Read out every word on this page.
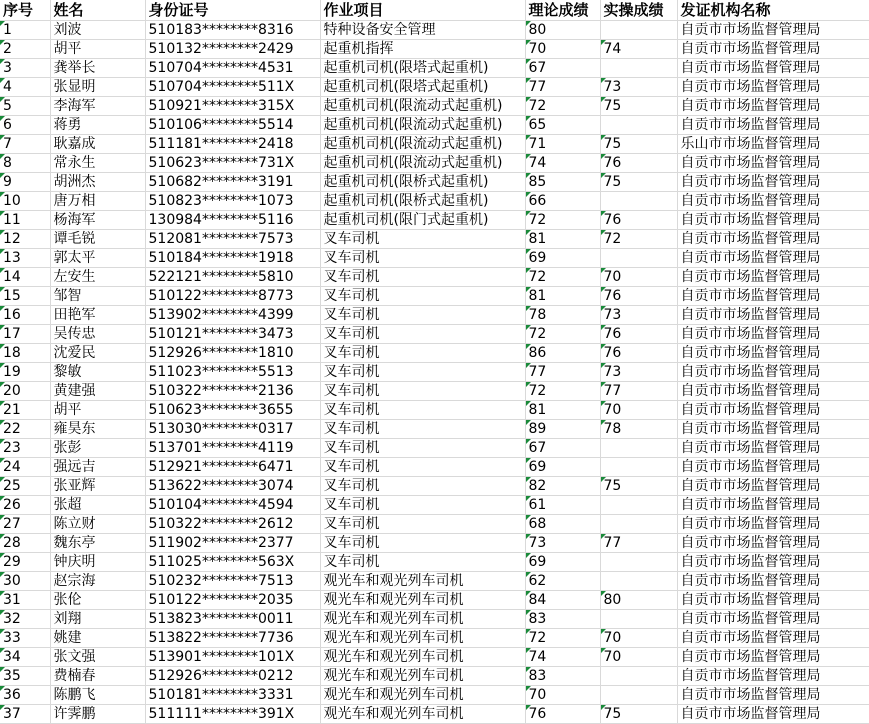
序号	姓名	身份证号	作业项目	理论成绩	实操成绩	发证机构名称
1	刘波	510183********8316	特种设备安全管理	80		自贡市市场监督管理局
2	胡平	510132********2429	起重机指挥	70	74	自贡市市场监督管理局
3	龚举长	510704********4531	起重机司机(限塔式起重机)	67		自贡市市场监督管理局
4	张显明	510704********511X	起重机司机(限塔式起重机)	77	73	自贡市市场监督管理局
5	李海军	510921********315X	起重机司机(限流动式起重机)	72	75	自贡市市场监督管理局
6	蒋勇	510106********5514	起重机司机(限流动式起重机)	65		自贡市市场监督管理局
7	耿嘉成	511181********2418	起重机司机(限流动式起重机)	71	75	乐山市市场监督管理局
8	常永生	510623********731X	起重机司机(限流动式起重机)	74	76	自贡市市场监督管理局
9	胡洲杰	510682********3191	起重机司机(限桥式起重机)	85	75	自贡市市场监督管理局
10	唐万相	510823********1073	起重机司机(限桥式起重机)	66		自贡市市场监督管理局
11	杨海军	130984********5116	起重机司机(限门式起重机)	72	76	自贡市市场监督管理局
12	谭毛锐	512081********7573	叉车司机	81	72	自贡市市场监督管理局
13	郭太平	510184********1918	叉车司机	69		自贡市市场监督管理局
14	左安生	522121********5810	叉车司机	72	70	自贡市市场监督管理局
15	邹智	510122********8773	叉车司机	81	76	自贡市市场监督管理局
16	田艳军	513902********4399	叉车司机	78	73	自贡市市场监督管理局
17	吴传忠	510121********3473	叉车司机	72	76	自贡市市场监督管理局
18	沈爱民	512926********1810	叉车司机	86	76	自贡市市场监督管理局
19	黎敏	511023********5513	叉车司机	77	73	自贡市市场监督管理局
20	黄建强	510322********2136	叉车司机	72	77	自贡市市场监督管理局
21	胡平	510623********3655	叉车司机	81	70	自贡市市场监督管理局
22	雍昊东	513030********0317	叉车司机	89	78	自贡市市场监督管理局
23	张彭	513701********4119	叉车司机	67		自贡市市场监督管理局
24	强远吉	512921********6471	叉车司机	69		自贡市市场监督管理局
25	张亚辉	513622********3074	叉车司机	82	75	自贡市市场监督管理局
26	张超	510104********4594	叉车司机	61		自贡市市场监督管理局
27	陈立财	510322********2612	叉车司机	68		自贡市市场监督管理局
28	魏东亭	511902********2377	叉车司机	73	77	自贡市市场监督管理局
29	钟庆明	511025********563X	叉车司机	69		自贡市市场监督管理局
30	赵宗海	510232********7513	观光车和观光列车司机	62		自贡市市场监督管理局
31	张伦	510122********2035	观光车和观光列车司机	84	80	自贡市市场监督管理局
32	刘翔	513823********0011	观光车和观光列车司机	83		自贡市市场监督管理局
33	姚建	513822********7736	观光车和观光列车司机	72	70	自贡市市场监督管理局
34	张文强	513901********101X	观光车和观光列车司机	74	70	自贡市市场监督管理局
35	费楠春	512926********0212	观光车和观光列车司机	83		自贡市市场监督管理局
36	陈鹏飞	510181********3331	观光车和观光列车司机	70		自贡市市场监督管理局
37	许霁鹏	511111********391X	观光车和观光列车司机	76	75	自贡市市场监督管理局
